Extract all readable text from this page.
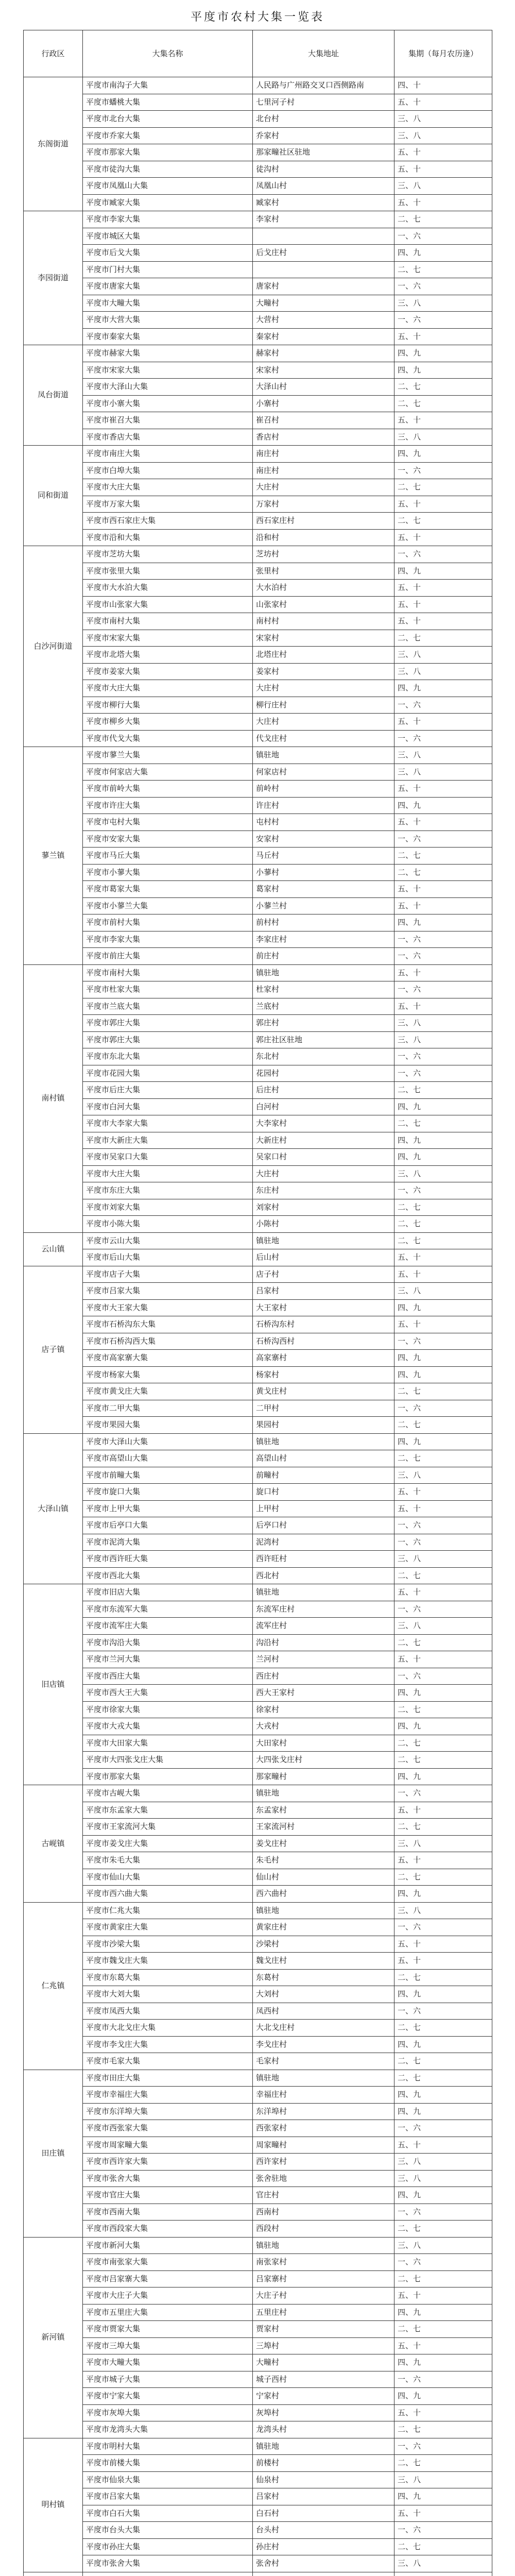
平度市农村大集一览表
行政区	大集名称	大集地址	集期（每月农历逢）
东阁街道	平度市南沟子大集	人民路与广州路交叉口西侧路南	四、十
	平度市蟠桃大集	七里河子村	五、十
	平度市北台大集	北台村	三、八
	平度市乔家大集	乔家村	三、八
	平度市那家大集	那家疃社区驻地	五、十
	平度市徒沟大集	徒沟村	五、十
	平度市凤凰山大集	凤凰山村	三、八
	平度市臧家大集	臧家村	五、十
李园街道	平度市李家大集	李家村	二、七
	平度市城区大集		一、六
	平度市后戈大集	后戈庄村	四、九
	平度市门村大集		二、七
	平度市唐家大集	唐家村	一、六
	平度市大疃大集	大疃村	三、八
	平度市大营大集	大营村	一、六
	平度市秦家大集	秦家村	五、十
凤台街道	平度市赫家大集	赫家村	四、九
	平度市宋家大集	宋家村	四、九
	平度市大泽山大集	大泽山村	二、七
	平度市小寨大集	小寨村	二、七
	平度市崔召大集	崔召村	五、十
	平度市香店大集	香店村	三、八
同和街道	平度市南庄大集	南庄村	四、九
	平度市白埠大集	南庄村	一、六
	平度市大庄大集	大庄村	二、七
	平度市万家大集	万家村	五、十
	平度市西石家庄大集	西石家庄村	二、七
	平度市沿和大集	沿和村	五、十
白沙河街道	平度市芝坊大集	芝坊村	一、六
	平度市张里大集	张里村	四、九
	平度市大水泊大集	大水泊村	五、十
	平度市山张家大集	山张家村	五、十
	平度市南村大集	南村村	五、十
	平度市宋家大集	宋家村	二、七
	平度市北塔大集	北塔庄村	三、八
	平度市姜家大集	姜家村	三、八
	平度市大庄大集	大庄村	四、九
	平度市柳行大集	柳行庄村	一、六
	平度市柳乡大集	大庄村	五、十
	平度市代戈大集	代戈庄村	一、六
蓼兰镇	平度市蓼兰大集	镇驻地	三、八
	平度市何家店大集	何家店村	三、八
	平度市前岭大集	前岭村	五、十
	平度市许庄大集	许庄村	四、九
	平度市屯村大集	屯村村	五、十
	平度市安家大集	安家村	一、六
	平度市马丘大集	马丘村	二、七
	平度市小蓼大集	小蓼村	二、七
	平度市葛家大集	葛家村	五、十
	平度市小蓼兰大集	小蓼兰村	五、十
	平度市前村大集	前村村	四、九
	平度市李家大集	李家庄村	一、六
	平度市前庄大集	前庄村	一、六
南村镇	平度市南村大集	镇驻地	五、十
	平度市杜家大集	杜家村	一、六
	平度市兰底大集	兰底村	五、十
	平度市郭庄大集	郭庄村	三、八
	平度市郭庄大集	郭庄社区驻地	三、八
	平度市东北大集	东北村	一、六
	平度市花园大集	花园村	一、六
	平度市后庄大集	后庄村	二、七
	平度市白河大集	白河村	四、九
	平度市大李家大集	大李家村	二、七
	平度市大新庄大集	大新庄村	四、九
	平度市吴家口大集	吴家口村	四、九
	平度市大庄大集	大庄村	三、八
	平度市东庄大集	东庄村	一、六
	平度市刘家大集	刘家村	二、七
	平度市小陈大集	小陈村	二、七
云山镇	平度市云山大集	镇驻地	二、七
	平度市后山大集	后山村	五、十
店子镇	平度市店子大集	店子村	五、十
	平度市吕家大集	吕家村	三、八
	平度市大王家大集	大王家村	四、九
	平度市石桥沟东大集	石桥沟东村	五、十
	平度市石桥沟西大集	石桥沟西村	一、六
	平度市高家寨大集	高家寨村	四、九
	平度市杨家大集	杨家村	四、九
	平度市黄戈庄大集	黄戈庄村	二、七
	平度市二甲大集	二甲村	一、六
	平度市果园大集	果园村	二、七
大泽山镇	平度市大泽山大集	镇驻地	四、九
	平度市高望山大集	高望山村	二、七
	平度市前疃大集	前疃村	三、八
	平度市旋口大集	旋口村	五、十
	平度市上甲大集	上甲村	五、十
	平度市后亭口大集	后亭口村	一、六
	平度市泥湾大集	泥湾村	一、六
	平度市西许旺大集	西许旺村	三、八
	平度市西北大集	西北村	二、七
旧店镇	平度市旧店大集	镇驻地	五、十
	平度市东流军大集	东流军庄村	一、六
	平度市流军庄大集	流军庄村	三、八
	平度市沟沿大集	沟沿村	二、七
	平度市兰河大集	兰河村	五、十
	平度市西庄大集	西庄村	一、六
	平度市西大王大集	西大王家村	四、九
	平度市徐家大集	徐家村	二、七
	平度市大戎大集	大戎村	四、九
	平度市大田家大集	大田家村	二、七
	平度市大四张戈庄大集	大四张戈庄村	二、七
	平度市那家大集	那家疃村	四、九
古岘镇	平度市古岘大集	镇驻地	一、六
	平度市东孟家大集	东孟家村	五、十
	平度市王家流河大集	王家流河村	二、七
	平度市姜戈庄大集	姜戈庄村	三、八
	平度市朱毛大集	朱毛村	五、十
	平度市仙山大集	仙山村	二、七
	平度市西六曲大集	西六曲村	四、九
仁兆镇	平度市仁兆大集	镇驻地	三、八
	平度市黄家庄大集	黄家庄村	一、六
	平度市沙梁大集	沙梁村	五、十
	平度市魏戈庄大集	魏戈庄村	五、十
	平度市东葛大集	东葛村	二、七
	平度市大刘大集	大刘村	四、九
	平度市凤西大集	凤西村	一、六
	平度市大北戈庄大集	大北戈庄村	二、七
	平度市李戈庄大集	李戈庄村	四、九
	平度市毛家大集	毛家村	二、七
田庄镇	平度市田庄大集	镇驻地	二、七
	平度市幸福庄大集	幸福庄村	四、九
	平度市东洋埠大集	东洋埠村	四、九
	平度市西张家大集	西张家村	一、六
	平度市周家疃大集	周家疃村	五、十
	平度市西许家大集	西许家村	三、八
	平度市张舍大集	张舍驻地	三、八
	平度市官庄大集	官庄村	四、九
	平度市西南大集	西南村	一、六
	平度市西段家大集	西段村	二、七
新河镇	平度市新河大集	镇驻地	三、八
	平度市南张家大集	南张家村	一、六
	平度市吕家寨大集	吕家寨村	二、七
	平度市大庄子大集	大庄子村	五、十
	平度市五里庄大集	五里庄村	四、九
	平度市贾家大集	贾家村	二、七
	平度市三埠大集	三埠村	五、十
	平度市大疃大集	大疃村	四、九
	平度市城子大集	城子西村	一、六
	平度市宁家大集	宁家村	四、九
	平度市灰埠大集	灰埠村	五、十
	平度市龙湾头大集	龙湾头村	二、七
明村镇	平度市明村大集	镇驻地	一、六
	平度市前楼大集	前楼村	二、七
	平度市仙泉大集	仙泉村	三、八
	平度市吕家大集	吕家村	四、九
	平度市白石大集	白石村	五、十
	平度市台头大集	台头村	一、六
	平度市孙庄大集	孙庄村	二、七
	平度市张舍大集	张舍村	三、八
